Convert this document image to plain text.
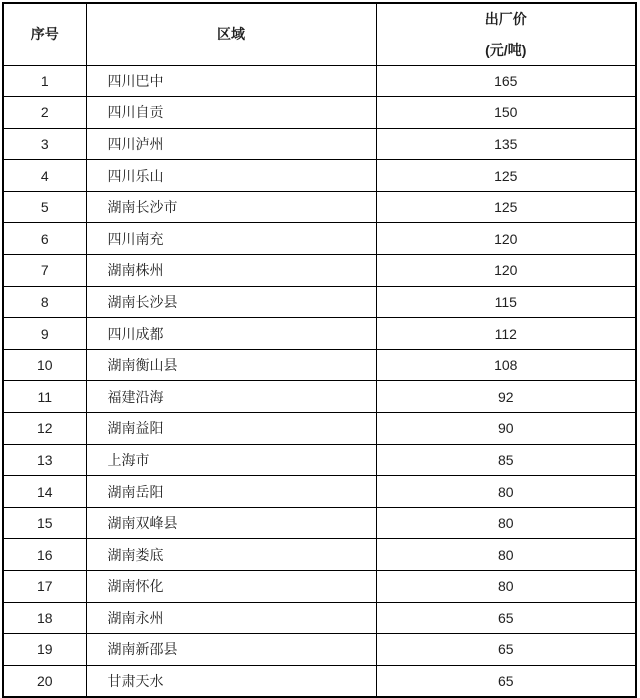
序号	区域	出厂价
(元/吨)

1	四川巴中	165
2	四川自贡	150
3	四川泸州	135
4	四川乐山	125
5	湖南长沙市	125
6	四川南充	120
7	湖南株州	120
8	湖南长沙县	115
9	四川成都	112
10	湖南衡山县	108
11	福建沿海	92
12	湖南益阳	90
13	上海市	85
14	湖南岳阳	80
15	湖南双峰县	80
16	湖南娄底	80
17	湖南怀化	80
18	湖南永州	65
19	湖南新邵县	65
20	甘肃天水	65
